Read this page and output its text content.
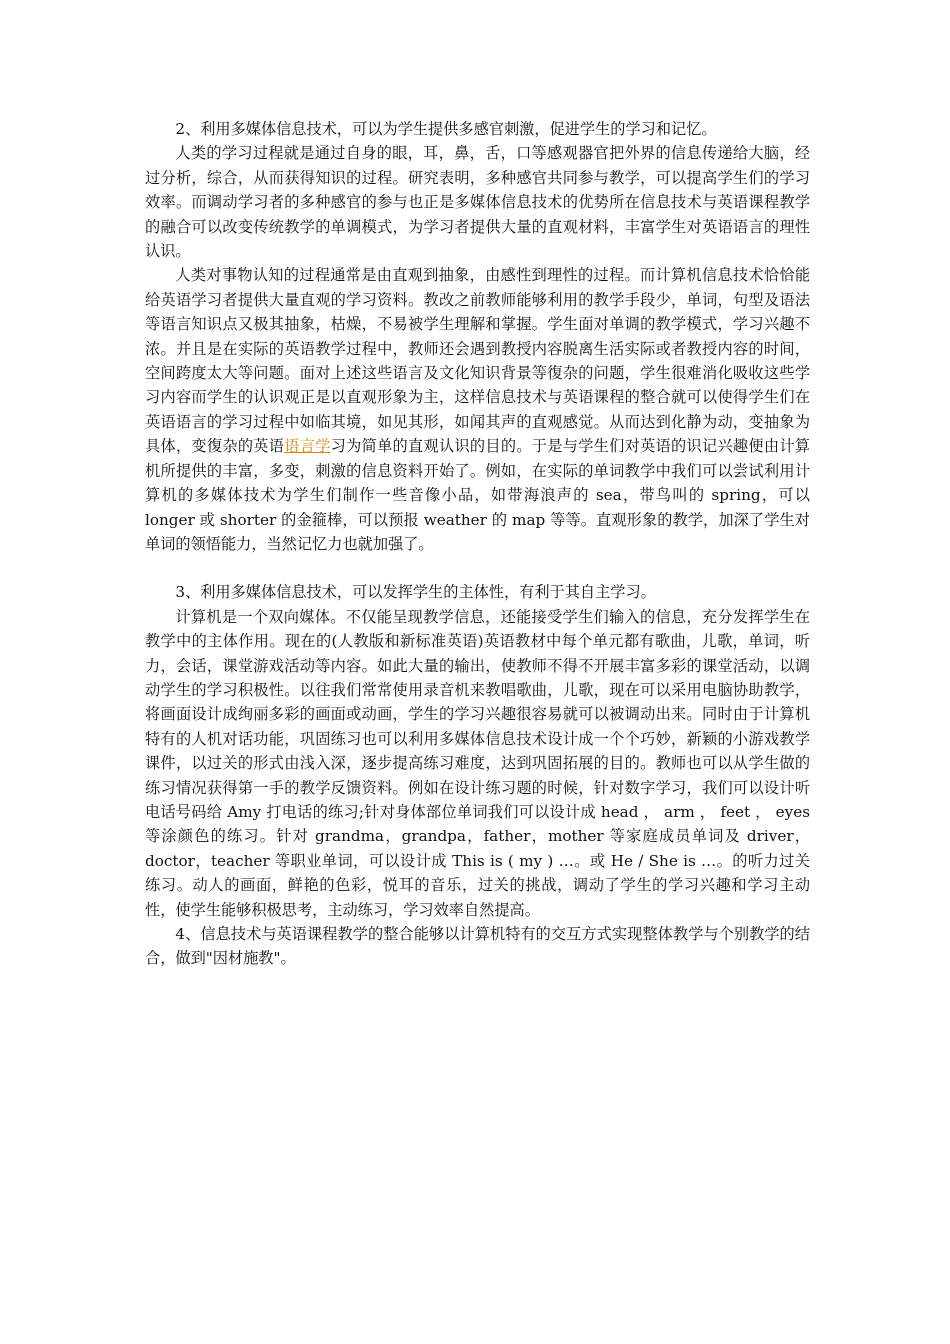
2、利用多媒体信息技术，可以为学生提供多感官刺激，促进学生的学习和记忆。

人类的学习过程就是通过自身的眼，耳，鼻，舌，口等感观器官把外界的信息传递给大脑，经过分析，综合，从而获得知识的过程。研究表明，多种感官共同参与教学，可以提高学生们的学习效率。而调动学习者的多种感官的参与也正是多媒体信息技术的优势所在信息技术与英语课程教学的融合可以改变传统教学的单调模式，为学习者提供大量的直观材料，丰富学生对英语语言的理性认识。

人类对事物认知的过程通常是由直观到抽象，由感性到理性的过程。而计算机信息技术恰恰能给英语学习者提供大量直观的学习资料。教改之前教师能够利用的教学手段少，单词，句型及语法等语言知识点又极其抽象，枯燥，不易被学生理解和掌握。学生面对单调的教学模式，学习兴趣不浓。并且是在实际的英语教学过程中，教师还会遇到教授内容脱离生活实际或者教授内容的时间，空间跨度太大等问题。面对上述这些语言及文化知识背景等復杂的问题，学生很难消化吸收这些学习内容而学生的认识观正是以直观形象为主，这样信息技术与英语课程的整合就可以使得学生们在英语语言的学习过程中如临其境，如见其形，如闻其声的直观感觉。从而达到化静为动，变抽象为具体，变復杂的英语语言学习为简单的直观认识的目的。于是与学生们对英语的识记兴趣便由计算机所提供的丰富，多变，刺激的信息资料开始了。例如，在实际的单词教学中我们可以尝试利用计算机的多媒体技术为学生们制作一些音像小品，如带海浪声的 sea，带鸟叫的 spring，可以 longer 或 shorter 的金箍棒，可以预报 weather 的 map 等等。直观形象的教学，加深了学生对单词的领悟能力，当然记忆力也就加强了。

3、利用多媒体信息技术，可以发挥学生的主体性，有利于其自主学习。

计算机是一个双向媒体。不仅能呈现教学信息，还能接受学生们输入的信息，充分发挥学生在教学中的主体作用。现在的(人教版和新标准英语)英语教材中每个单元都有歌曲，儿歌，单词，听力，会话，课堂游戏活动等内容。如此大量的输出，使教师不得不开展丰富多彩的课堂活动，以调动学生的学习积极性。以往我们常常使用录音机来教唱歌曲，儿歌，现在可以采用电脑协助教学，将画面设计成绚丽多彩的画面或动画，学生的学习兴趣很容易就可以被调动出来。同时由于计算机特有的人机对话功能，巩固练习也可以利用多媒体信息技术设计成一个个巧妙，新颖的小游戏教学课件，以过关的形式由浅入深，逐步提高练习难度，达到巩固拓展的目的。教师也可以从学生做的练习情况获得第一手的教学反馈资料。例如在设计练习题的时候，针对数字学习，我们可以设计听电话号码给 Amy 打电话的练习;针对身体部位单词我们可以设计成 head ， arm ， feet ， eyes 等涂颜色的练习。针对 grandma，grandpa，father，mother 等家庭成员单词及 driver，doctor，teacher 等职业单词，可以设计成 This is ( my ) …。或 He / She is …。的听力过关练习。动人的画面，鲜艳的色彩，悦耳的音乐，过关的挑战，调动了学生的学习兴趣和学习主动性，使学生能够积极思考，主动练习，学习效率自然提高。

4、信息技术与英语课程教学的整合能够以计算机特有的交互方式实现整体教学与个别教学的结合，做到"因材施教"。
